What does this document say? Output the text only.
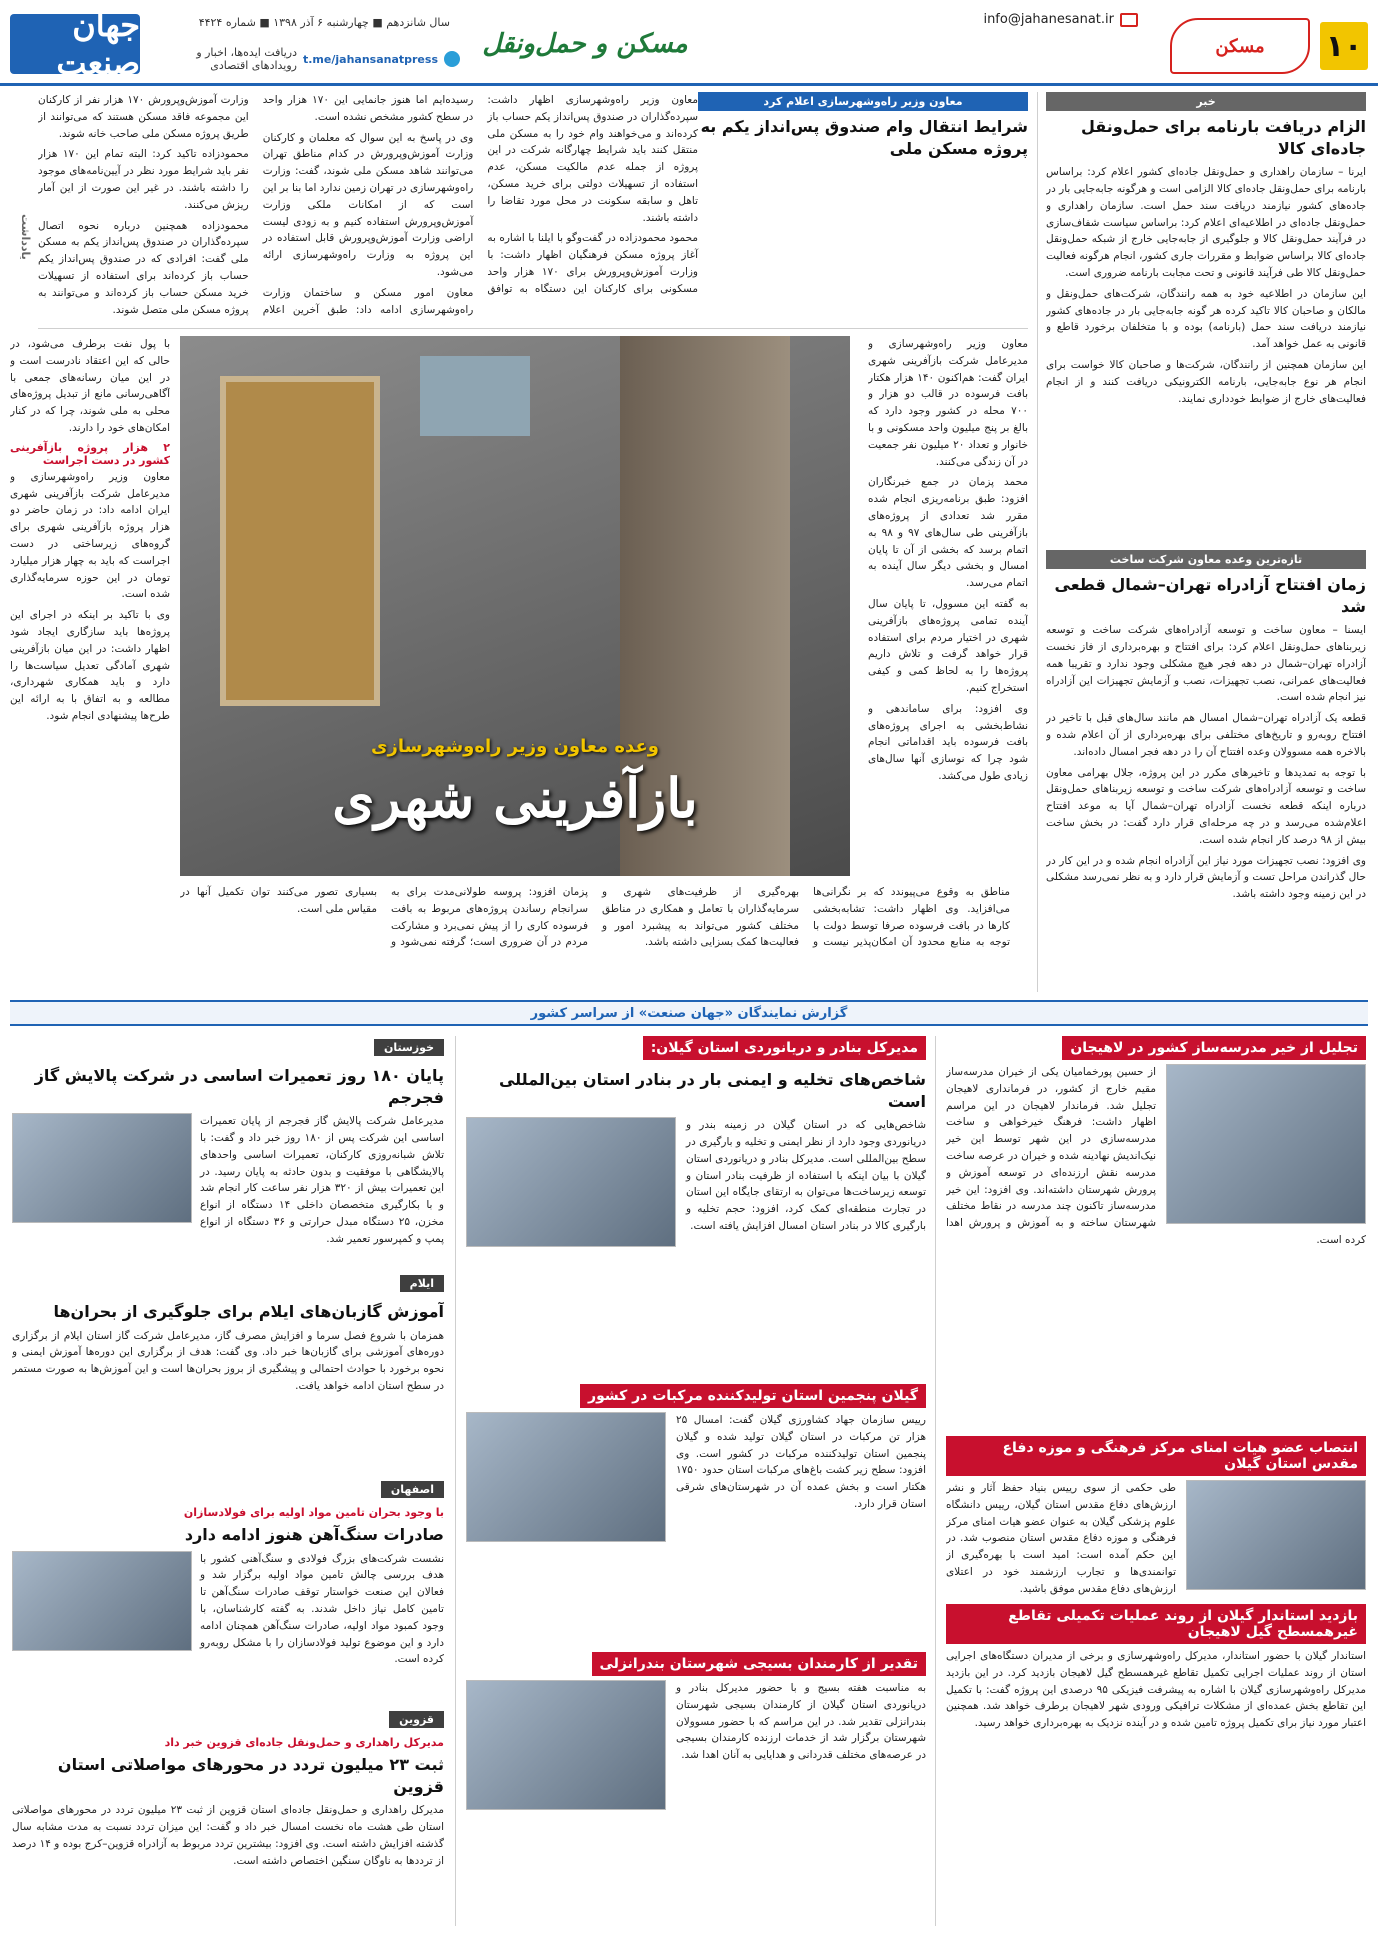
۱۰
مسکن
info@jahanesanat.ir
مسکن و حمل‌ونقل
سال شانزدهم ■ چهارشنبه ۶ آذر ۱۳۹۸ ■ شماره ۴۴۲۴
t.me/jahansanatpress
دریافت ایده‌ها، اخبار و رویدادهای اقتصادی
جهان صنعت
خبر
الزام دریافت بارنامه برای حمل‌ونقل جاده‌ای کالا

ایرنا – سازمان راهداری و حمل‌ونقل جاده‌ای کشور اعلام کرد: براساس بارنامه برای حمل‌ونقل جاده‌ای کالا الزامی است و هرگونه جابه‌جایی بار در جاده‌های کشور نیازمند دریافت سند حمل است. سازمان راهداری و حمل‌ونقل جاده‌ای در اطلاعیه‌ای اعلام کرد: براساس سیاست شفاف‌سازی در فرآیند حمل‌ونقل کالا و جلوگیری از جابه‌جایی خارج از شبکه حمل‌ونقل جاده‌ای کالا براساس ضوابط و مقررات جاری کشور، انجام هرگونه فعالیت حمل‌ونقل کالا طی فرآیند قانونی و تحت مجابت بارنامه ضروری است.

این سازمان در اطلاعیه خود به همه رانندگان، شرکت‌های حمل‌ونقل و مالکان و صاحبان کالا تاکید کرده هر گونه جابه‌جایی بار در جاده‌های کشور نیازمند دریافت سند حمل (بارنامه) بوده و با متخلفان برخورد قاطع و قانونی به عمل خواهد آمد.

این سازمان همچنین از رانندگان، شرکت‌ها و صاحبان کالا خواست برای انجام هر نوع جابه‌جایی، بارنامه الکترونیکی دریافت کنند و از انجام فعالیت‌های خارج از ضوابط خودداری نمایند.

تازه‌ترین وعده معاون شرکت ساخت
زمان افتتاح آزادراه تهران–شمال قطعی شد

ایسنا – معاون ساخت و توسعه آزادراه‌های شرکت ساخت و توسعه زیربناهای حمل‌ونقل اعلام کرد: برای افتتاح و بهره‌برداری از فاز نخست آزادراه تهران–شمال در دهه فجر هیچ مشکلی وجود ندارد و تقریبا همه فعالیت‌های عمرانی، نصب تجهیزات، نصب و آزمایش تجهیزات این آزادراه نیز انجام شده است.

قطعه یک آزادراه تهران–شمال امسال هم مانند سال‌های قبل با تاخیر در افتتاح روبه‌رو و تاریخ‌های مختلفی برای بهره‌برداری از آن اعلام شده و بالاخره همه مسوولان وعده افتتاح آن را در دهه فجر امسال داده‌اند.

با توجه به تمدیدها و تاخیرهای مکرر در این پروژه، جلال بهرامی معاون ساخت و توسعه آزادراه‌های شرکت ساخت و توسعه زیربناهای حمل‌ونقل درباره اینکه قطعه نخست آزادراه تهران–شمال آیا به موعد افتتاح اعلام‌شده می‌رسد و در چه مرحله‌ای قرار دارد گفت: در بخش ساخت بیش از ۹۸ درصد کار انجام شده است.

وی افزود: نصب تجهیزات مورد نیاز این آزادراه انجام شده و در این کار در حال گذراندن مراحل تست و آزمایش قرار دارد و به نظر نمی‌رسد مشکلی در این زمینه وجود داشته باشد.

معاون وزیر راه‌وشهرسازی اعلام کرد
شرایط انتقال وام صندوق پس‌انداز یکم به پروژه مسکن ملی

معاون وزیر راه‌وشهرسازی اظهار داشت: سپرده‌گذاران در صندوق پس‌انداز یکم حساب باز کرده‌اند و می‌خواهند وام خود را به مسکن ملی منتقل کنند باید شرایط چهارگانه شرکت در این پروژه از جمله عدم مالکیت مسکن، عدم استفاده از تسهیلات دولتی برای خرید مسکن، تاهل و سابقه سکونت در محل مورد تقاضا را داشته باشند.

محمود محمودزاده در گفت‌وگو با ایلنا با اشاره به آغاز پروژه مسکن فرهنگیان اظهار داشت: با وزارت آموزش‌وپرورش برای ۱۷۰ هزار واحد مسکونی برای کارکنان این دستگاه به توافق رسیده‌ایم اما هنوز جانمایی این ۱۷۰ هزار واحد در سطح کشور مشخص نشده است.

وی در پاسخ به این سوال که معلمان و کارکنان وزارت آموزش‌وپرورش در کدام مناطق تهران می‌توانند شاهد مسکن ملی شوند، گفت: وزارت راه‌وشهرسازی در تهران زمین ندارد اما بنا بر این است که از امکانات ملکی وزارت آموزش‌وپرورش استفاده کنیم و به زودی لیست اراضی وزارت آموزش‌وپرورش قابل استفاده در این پروژه به وزارت راه‌وشهرسازی ارائه می‌شود.

معاون امور مسکن و ساختمان وزارت راه‌وشهرسازی ادامه داد: طبق آخرین اعلام وزارت آموزش‌وپرورش ۱۷۰ هزار نفر از کارکنان این مجموعه فاقد مسکن هستند که می‌توانند از طریق پروژه مسکن ملی صاحب خانه شوند.

محمودزاده تاکید کرد: البته تمام این ۱۷۰ هزار نفر باید شرایط مورد نظر در آیین‌نامه‌های موجود را داشته باشند. در غیر این صورت از این آمار ریزش می‌کنند.

محمودزاده همچنین درباره نحوه اتصال سپرده‌گذاران در صندوق پس‌انداز یکم به مسکن ملی گفت: افرادی که در صندوق پس‌انداز یکم حساب باز کرده‌اند برای استفاده از تسهیلات خرید مسکن حساب باز کرده‌اند و می‌توانند به پروژه مسکن ملی متصل شوند.

یادداشت

معاون وزیر راه‌وشهرسازی و مدیرعامل شرکت بازآفرینی شهری ایران گفت: هم‌اکنون ۱۴۰ هزار هکتار بافت فرسوده در قالب دو هزار و ۷۰۰ محله در کشور وجود دارد که بالغ بر پنج میلیون واحد مسکونی و با خانوار و تعداد ۲۰ میلیون نفر جمعیت در آن زندگی می‌کنند.

محمد پزمان در جمع خبرنگاران افزود: طبق برنامه‌ریزی انجام شده مقرر شد تعدادی از پروژه‌های بازآفرینی طی سال‌های ۹۷ و ۹۸ به اتمام برسد که بخشی از آن تا پایان امسال و بخشی دیگر سال آینده به اتمام می‌رسد.

به گفته این مسوول، تا پایان سال آینده تمامی پروژه‌های بازآفرینی شهری در اختیار مردم برای استفاده قرار خواهد گرفت و تلاش داریم پروژه‌ها را به لحاظ کمی و کیفی استخراج کنیم.

وی افزود: برای ساماندهی و نشاط‌بخشی به اجرای پروژه‌های بافت فرسوده باید اقداماتی انجام شود چرا که نوسازی آنها سال‌های زیادی طول می‌کشد.

وعده معاون وزیر راه‌وشهرسازی
بازآفرینی شهری

با پول نفت برطرف می‌شود، در حالی که این اعتقاد نادرست است و در این میان رسانه‌های جمعی با آگاهی‌رسانی مانع از تبدیل پروژه‌های محلی به ملی شوند، چرا که در کنار امکان‌های خود را دارند.

۲ هزار پروژه بازآفرینی کشور در دست اجراست

معاون وزیر راه‌وشهرسازی و مدیرعامل شرکت بازآفرینی شهری ایران ادامه داد: در زمان حاضر دو هزار پروژه بازآفرینی شهری برای گروه‌های زیرساختی در دست اجراست که باید به چهار هزار میلیارد تومان در این حوزه سرمایه‌گذاری شده است.

وی با تاکید بر اینکه در اجرای این پروژه‌ها باید سازگاری ایجاد شود اظهار داشت: در این میان بازآفرینی شهری آمادگی تعدیل سیاست‌ها را دارد و باید همکاری شهرداری، مطالعه و به اتفاق با به ارائه این طرح‌ها پیشنهادی انجام شود.

مناطق به وقوع می‌پیوندد که بر نگرانی‌ها می‌افزاید. وی اظهار داشت: تشابه‌بخشی کارها در بافت فرسوده صرفا توسط دولت با توجه به منابع محدود آن امکان‌پذیر نیست و بهره‌گیری از ظرفیت‌های شهری و سرمایه‌گذاران با تعامل و همکاری در مناطق مختلف کشور می‌تواند به پیشبرد امور و فعالیت‌ها کمک بسزایی داشته باشد.

پزمان افزود: پروسه طولانی‌مدت برای به سرانجام رساندن پروژه‌های مربوط به بافت فرسوده کاری را از پیش نمی‌برد و مشارکت مردم در آن ضروری است؛ گرفته نمی‌شود و بسیاری تصور می‌کنند توان تکمیل آنها در مقیاس ملی است.

گزارش نمایندگان «جهان صنعت» از سراسر کشور
تجلیل از خیر مدرسه‌ساز کشور در لاهیجان
از حسین پورخمامیان یکی از خیران مدرسه‌ساز مقیم خارج از کشور، در فرمانداری لاهیجان تجلیل شد. فرماندار لاهیجان در این مراسم اظهار داشت: فرهنگ خیرخواهی و ساخت مدرسه‌سازی در این شهر توسط این خیر نیک‌اندیش نهادینه شده و خیران در عرصه ساخت مدرسه نقش ارزنده‌ای در توسعه آموزش و پرورش شهرستان داشته‌اند. وی افزود: این خیر مدرسه‌ساز تاکنون چند مدرسه در نقاط مختلف شهرستان ساخته و به آموزش و پرورش اهدا کرده است.
انتصاب عضو هیات امنای مرکز فرهنگی و موزه دفاع مقدس استان گیلان
طی حکمی از سوی رییس بنیاد حفظ آثار و نشر ارزش‌های دفاع مقدس استان گیلان، رییس دانشگاه علوم پزشکی گیلان به عنوان عضو هیات امنای مرکز فرهنگی و موزه دفاع مقدس استان منصوب شد. در این حکم آمده است: امید است با بهره‌گیری از توانمندی‌ها و تجارب ارزشمند خود در اعتلای ارزش‌های دفاع مقدس موفق باشید.
بازدید استاندار گیلان از روند عملیات تکمیلی تقاطع غیرهمسطح گیل لاهیجان
استاندار گیلان با حضور استاندار، مدیرکل راه‌وشهرسازی و برخی از مدیران دستگاه‌های اجرایی استان از روند عملیات اجرایی تکمیل تقاطع غیرهمسطح گیل لاهیجان بازدید کرد. در این بازدید مدیرکل راه‌وشهرسازی گیلان با اشاره به پیشرفت فیزیکی ۹۵ درصدی این پروژه گفت: با تکمیل این تقاطع بخش عمده‌ای از مشکلات ترافیکی ورودی شهر لاهیجان برطرف خواهد شد. همچنین اعتبار مورد نیاز برای تکمیل پروژه تامین شده و در آینده نزدیک به بهره‌برداری خواهد رسید.
مدیرکل بنادر و دریانوردی استان گیلان:
شاخص‌های تخلیه و ایمنی بار در بنادر استان بین‌المللی است
شاخص‌هایی که در استان گیلان در زمینه بندر و دریانوردی وجود دارد از نظر ایمنی و تخلیه و بارگیری در سطح بین‌المللی است. مدیرکل بنادر و دریانوردی استان گیلان با بیان اینکه با استفاده از ظرفیت بنادر استان و توسعه زیرساخت‌ها می‌توان به ارتقای جایگاه این استان در تجارت منطقه‌ای کمک کرد، افزود: حجم تخلیه و بارگیری کالا در بنادر استان امسال افزایش یافته است.
گیلان پنجمین استان تولیدکننده مرکبات در کشور
رییس سازمان جهاد کشاورزی گیلان گفت: امسال ۲۵ هزار تن مرکبات در استان گیلان تولید شده و گیلان پنجمین استان تولیدکننده مرکبات در کشور است. وی افزود: سطح زیر کشت باغ‌های مرکبات استان حدود ۱۷۵۰ هکتار است و بخش عمده آن در شهرستان‌های شرقی استان قرار دارد.
تقدیر از کارمندان بسیجی شهرستان بندرانزلی
به مناسبت هفته بسیج و با حضور مدیرکل بنادر و دریانوردی استان گیلان از کارمندان بسیجی شهرستان بندرانزلی تقدیر شد. در این مراسم که با حضور مسوولان شهرستان برگزار شد از خدمات ارزنده کارمندان بسیجی در عرصه‌های مختلف قدردانی و هدایایی به آنان اهدا شد.
خوزستان
پایان ۱۸۰ روز تعمیرات اساسی در شرکت پالایش گاز فجرجم
مدیرعامل شرکت پالایش گاز فجرجم از پایان تعمیرات اساسی این شرکت پس از ۱۸۰ روز خبر داد و گفت: با تلاش شبانه‌روزی کارکنان، تعمیرات اساسی واحدهای پالایشگاهی با موفقیت و بدون حادثه به پایان رسید. در این تعمیرات بیش از ۳۲۰ هزار نفر ساعت کار انجام شد و با بکارگیری متخصصان داخلی ۱۴ دستگاه از انواع مخزن، ۲۵ دستگاه مبدل حرارتی و ۳۶ دستگاه از انواع پمپ و کمپرسور تعمیر شد.
ایلام
آموزش گازبان‌های ایلام برای جلوگیری از بحران‌ها
همزمان با شروع فصل سرما و افزایش مصرف گاز، مدیرعامل شرکت گاز استان ایلام از برگزاری دوره‌های آموزشی برای گازبان‌ها خبر داد. وی گفت: هدف از برگزاری این دوره‌ها آموزش ایمنی و نحوه برخورد با حوادث احتمالی و پیشگیری از بروز بحران‌ها است و این آموزش‌ها به صورت مستمر در سطح استان ادامه خواهد یافت.
اصفهان
با وجود بحران تامین مواد اولیه برای فولادسازان
صادرات سنگ‌آهن هنوز ادامه دارد
نشست شرکت‌های بزرگ فولادی و سنگ‌آهنی کشور با هدف بررسی چالش تامین مواد اولیه برگزار شد و فعالان این صنعت خواستار توقف صادرات سنگ‌آهن تا تامین کامل نیاز داخل شدند. به گفته کارشناسان، با وجود کمبود مواد اولیه، صادرات سنگ‌آهن همچنان ادامه دارد و این موضوع تولید فولادسازان را با مشکل روبه‌رو کرده است.
قزوین
مدیرکل راهداری و حمل‌ونقل جاده‌ای قزوین خبر داد
ثبت ۲۳ میلیون تردد در محورهای مواصلاتی استان قزوین
مدیرکل راهداری و حمل‌ونقل جاده‌ای استان قزوین از ثبت ۲۳ میلیون تردد در محورهای مواصلاتی استان طی هشت ماه نخست امسال خبر داد و گفت: این میزان تردد نسبت به مدت مشابه سال گذشته افزایش داشته است. وی افزود: بیشترین تردد مربوط به آزادراه قزوین–کرج بوده و ۱۴ درصد از ترددها به ناوگان سنگین اختصاص داشته است.
